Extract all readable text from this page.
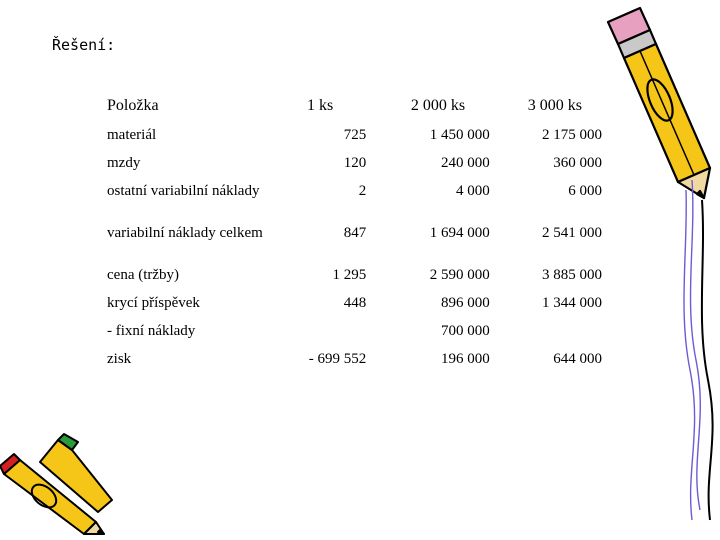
Řešení:
Položka	1 ks	2 000 ks	3 000 ks
materiál	725	1 450 000	2 175 000
mzdy	120	240 000	360 000
ostatní variabilní náklady	2	4 000	6 000
variabilní náklady celkem	847	1 694 000	2 541 000
cena (tržby)	1 295	2 590 000	3 885 000
krycí příspěvek	448	896 000	1 344 000
- fixní náklady		700 000	
zisk	- 699 552	196 000	644 000
